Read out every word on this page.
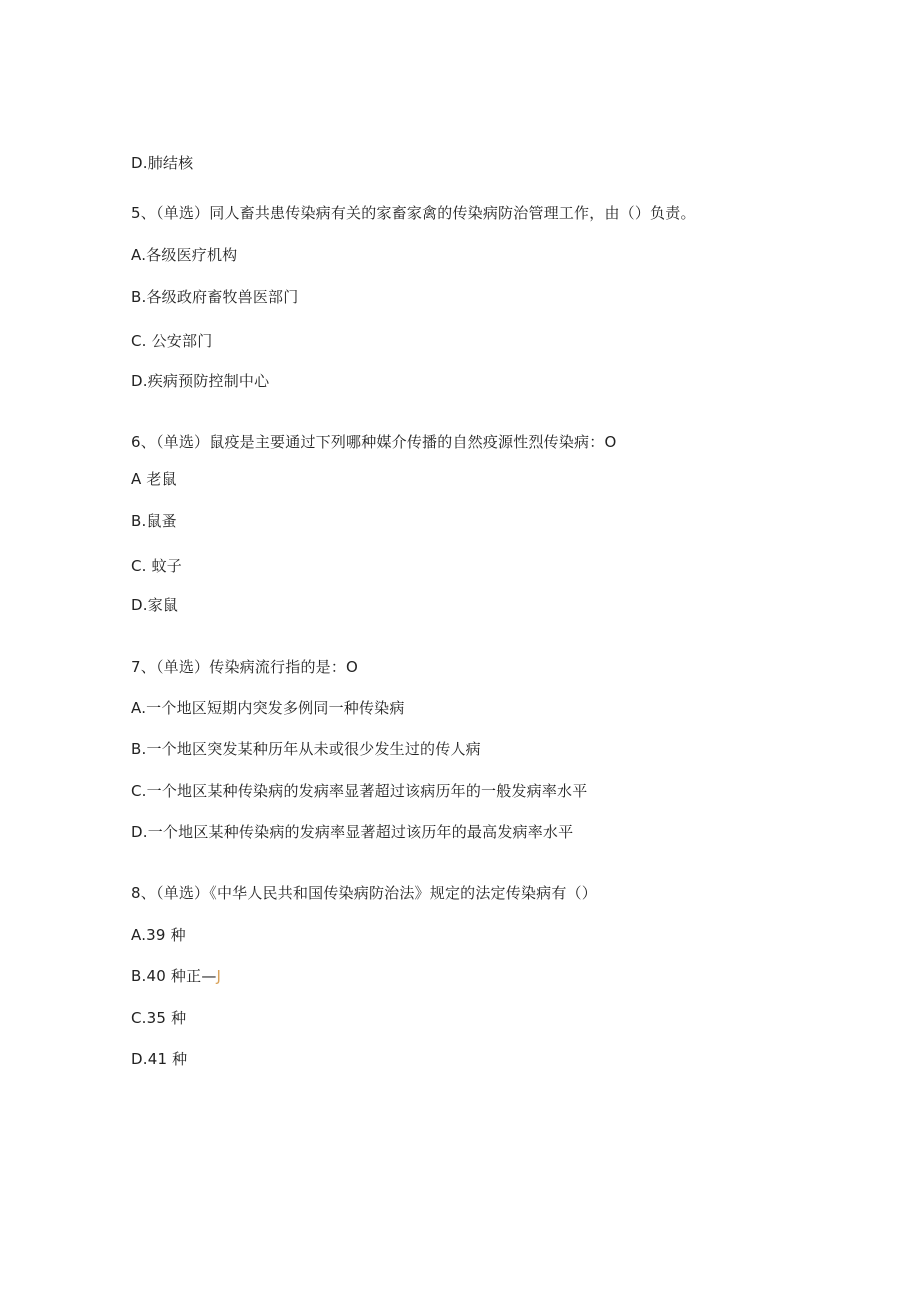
D.肺结核
5、（单选）同人畜共患传染病有关的家畜家禽的传染病防治管理工作，由（）负责。
A.各级医疗机构
B.各级政府畜牧兽医部门
C. 公安部门
D.疾病预防控制中心
6、（单选）鼠疫是主要通过下列哪种媒介传播的自然疫源性烈传染病：O
A 老鼠
B.鼠蚤
C. 蚊子
D.家鼠
7、（单选）传染病流行指的是：O
A.一个地区短期内突发多例同一种传染病
B.一个地区突发某种历年从未或很少发生过的传人病
C.一个地区某种传染病的发病率显著超过该病历年的一般发病率水平
D.一个地区某种传染病的发病率显著超过该历年的最高发病率水平
8、（单选）《中华人民共和国传染病防治法》规定的法定传染病有（）
A.39 种
B.40 种正—J
C.35 种
D.41 种
